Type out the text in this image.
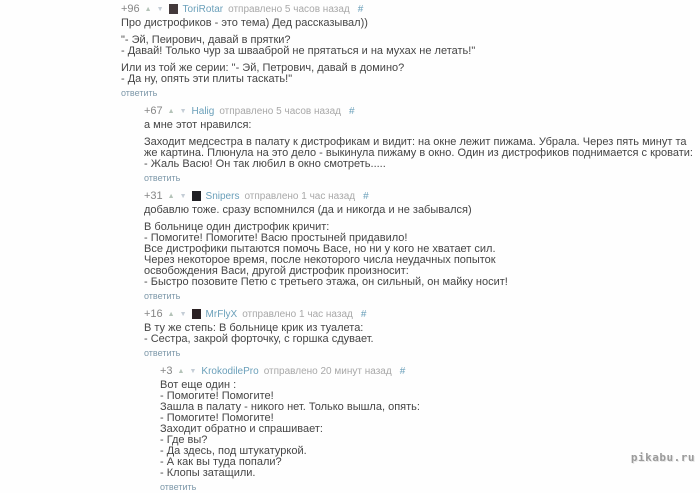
+96 ▲ ▼ ToriRotar отправлено 5 часов назад #

Про дистрофиков - это тема) Дед рассказывал))

"- Эй, Пеирович, давай в прятки?
- Давай! Только чур за швааброй не прятаться и на мухах не летать!"

Или из той же серии: "- Эй, Петрович, давай в домино?
- Да ну, опять эти плиты таскать!"

ответить
+67 ▲ ▼ Halig отправлено 5 часов назад #

а мне этот нравился:

Заходит медсестра в палату к дистрофикам и видит: на окне лежит пижама. Убрала. Через пять минут та
же картина. Плюнула на это дело - выкинула пижаму в окно. Один из дистрофиков поднимается с кровати:
- Жаль Васю! Он так любил в окно смотреть.....

ответить
+31 ▲ ▼ Snipers отправлено 1 час назад #

добавлю тоже. сразу вспомнился (да и никогда и не забывался)

В больнице один дистрофик кричит:
- Помогите! Помогите! Васю простыней придавило!
Все дистрофики пытаются помочь Васе, но ни у кого не хватает сил.
Через некоторое время, после некоторого числа неудачных попыток
освобождения Васи, другой дистрофик произносит:
- Быстро позовите Петю с третьего этажа, он сильный, он майку носит!

ответить
+16 ▲ ▼ MrFlyX отправлено 1 час назад #

В ту же степь: В больнице крик из туалета:
- Сестра, закрой форточку, с горшка сдувает.

ответить
+3 ▲ ▼ KrokodilePro отправлено 20 минут назад #

Вот еще один :
- Помогите! Помогите!
Зашла в палату - никого нет. Только вышла, опять:
- Помогите! Помогите!
Заходит обратно и спрашивает:
- Где вы?
- Да здесь, под штукатуркой.
- А как вы туда попали?
- Клопы затащили.

ответить
pikabu.ru
